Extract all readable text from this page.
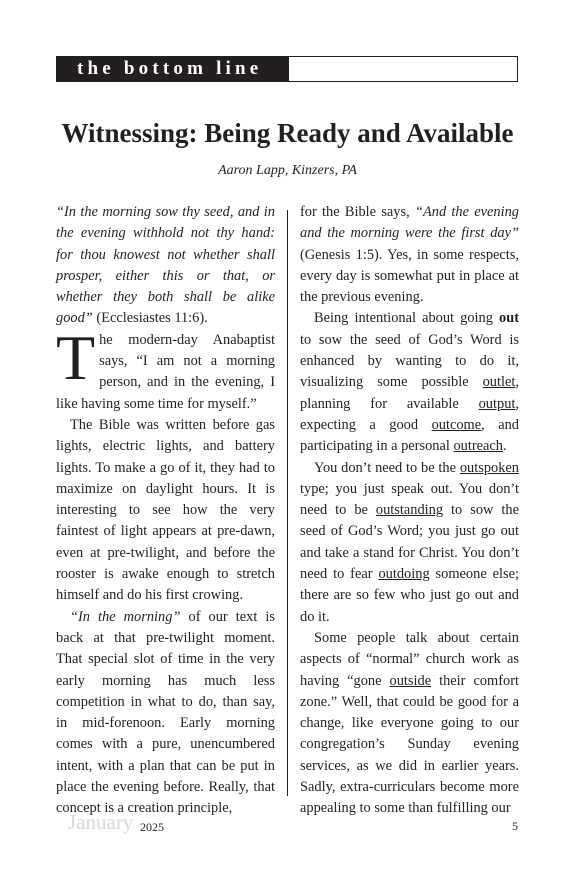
the bottom line
Witnessing: Being Ready and Available
Aaron Lapp, Kinzers, PA

“In the morning sow thy seed, and in the evening withhold not thy hand: for thou knowest not whether shall prosper, either this or that, or whether they both shall be alike good” (Ecclesiastes 11:6).

The modern-day Anabaptist says, “I am not a morning person, and in the evening, I like having some time for myself.”

The Bible was written before gas lights, electric lights, and battery lights. To make a go of it, they had to maximize on daylight hours. It is interesting to see how the very faintest of light appears at pre-dawn, even at pre-twilight, and before the rooster is awake enough to stretch himself and do his first crowing.

“In the morning” of our text is back at that pre-twilight moment. That special slot of time in the very early morning has much less competition in what to do, than say, in mid-forenoon. Early morning comes with a pure, unencumbered intent, with a plan that can be put in place the evening before. Really, that concept is a creation principle,

for the Bible says, “And the evening and the morning were the first day” (Genesis 1:5). Yes, in some respects, every day is somewhat put in place at the previous evening.

Being intentional about going out to sow the seed of God’s Word is enhanced by wanting to do it, visualizing some possible outlet, planning for available output, expecting a good outcome, and participating in a personal outreach.

You don’t need to be the outspoken type; you just speak out. You don’t need to be outstanding to sow the seed of God’s Word; you just go out and take a stand for Christ. You don’t need to fear outdoing someone else; there are so few who just go out and do it.

Some people talk about certain aspects of “normal” church work as having “gone outside their comfort zone.” Well, that could be good for a change, like everyone going to our congregation’s Sunday evening services, as we did in earlier years. Sadly, extra-curriculars become more appealing to some than fulfilling our

January 2025	5
